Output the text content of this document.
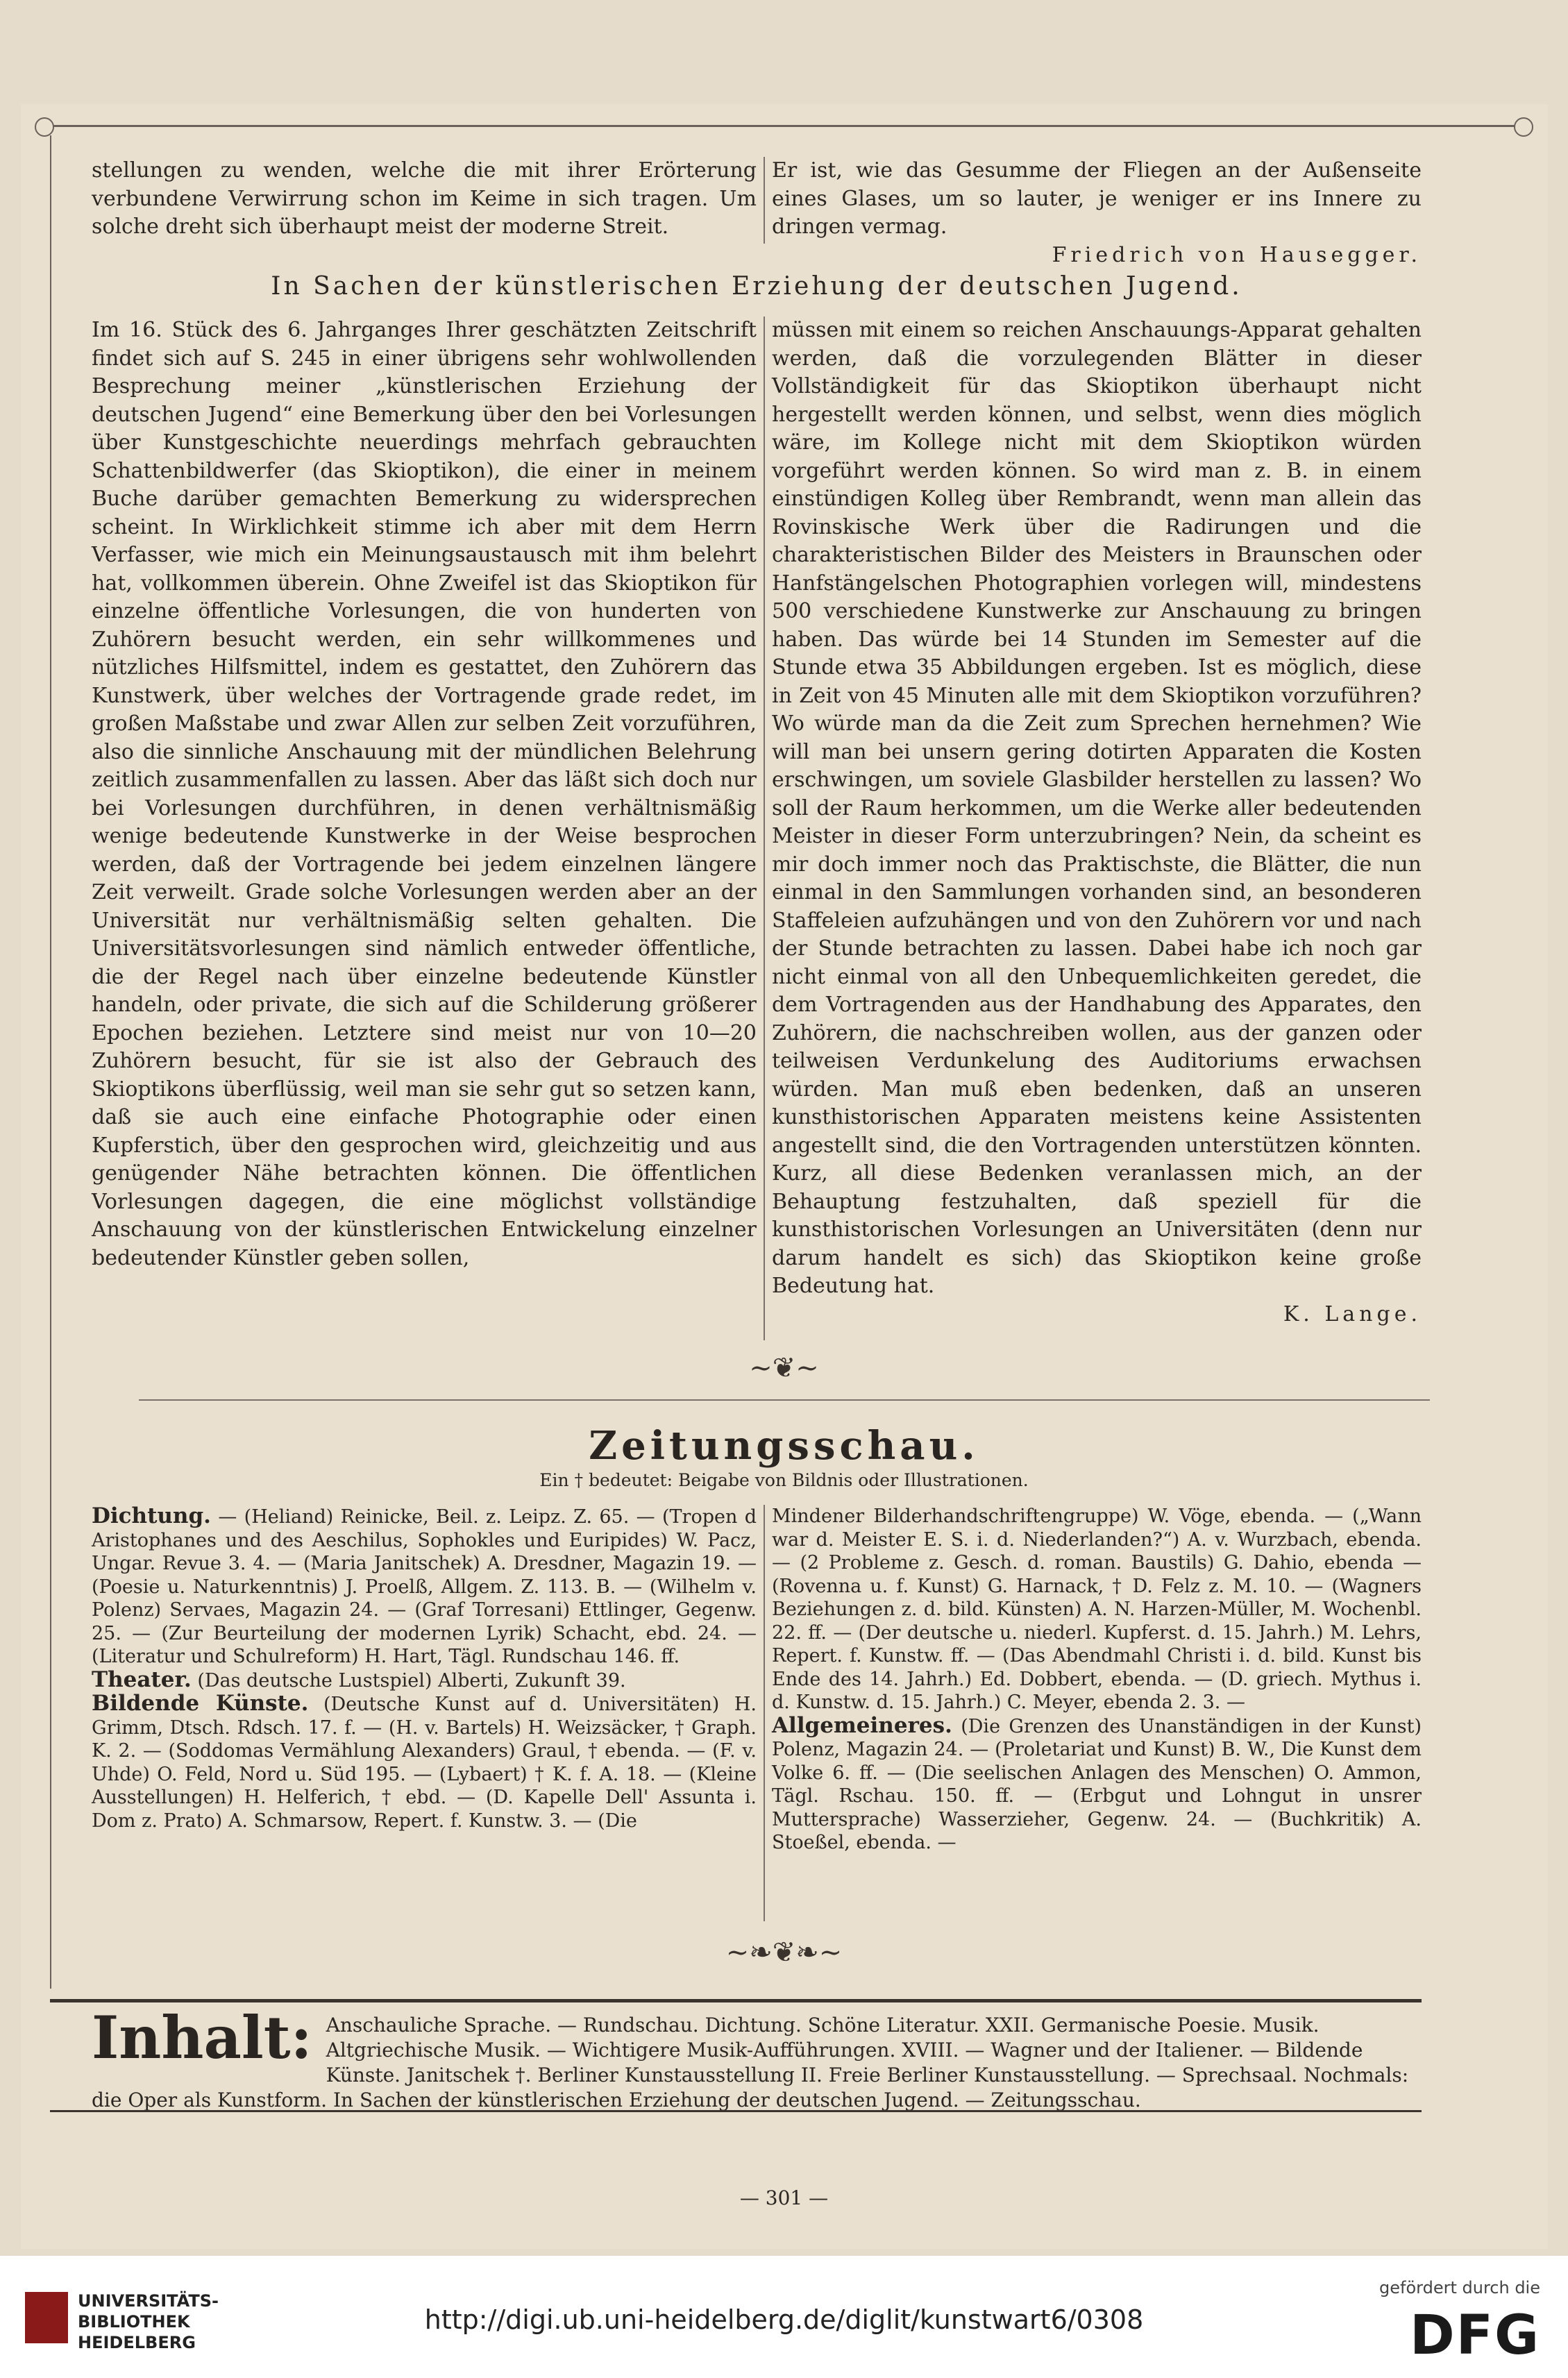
stellungen zu wenden, welche die mit ihrer Erörterung verbundene Verwirrung schon im Keime in sich tragen. Um solche dreht sich überhaupt meist der moderne Streit.

Er ist, wie das Gesumme der Fliegen an der Außenseite eines Glases, um so lauter, je weniger er ins Innere zu dringen vermag.

Friedrich von Hausegger.

In Sachen der künstlerischen Erziehung der deutschen Jugend.

Im 16. Stück des 6. Jahrganges Ihrer geschätzten Zeitschrift findet sich auf S. 245 in einer übrigens sehr wohlwollenden Besprechung meiner „künstlerischen Erziehung der deutschen Jugend“ eine Bemerkung über den bei Vorlesungen über Kunstgeschichte neuerdings mehrfach gebrauchten Schattenbildwerfer (das Skioptikon), die einer in meinem Buche darüber gemachten Bemerkung zu widersprechen scheint. In Wirklichkeit stimme ich aber mit dem Herrn Verfasser, wie mich ein Meinungsaustausch mit ihm belehrt hat, vollkommen überein. Ohne Zweifel ist das Skioptikon für einzelne öffentliche Vorlesungen, die von hunderten von Zuhörern besucht werden, ein sehr willkommenes und nützliches Hilfsmittel, indem es gestattet, den Zuhörern das Kunstwerk, über welches der Vortragende grade redet, im großen Maßstabe und zwar Allen zur selben Zeit vorzuführen, also die sinnliche Anschauung mit der mündlichen Belehrung zeitlich zusammenfallen zu lassen. Aber das läßt sich doch nur bei Vorlesungen durchführen, in denen verhältnismäßig wenige bedeutende Kunstwerke in der Weise besprochen werden, daß der Vortragende bei jedem einzelnen längere Zeit verweilt. Grade solche Vorlesungen werden aber an der Universität nur verhältnismäßig selten gehalten. Die Universitätsvorlesungen sind nämlich entweder öffentliche, die der Regel nach über einzelne bedeutende Künstler handeln, oder private, die sich auf die Schilderung größerer Epochen beziehen. Letztere sind meist nur von 10—20 Zuhörern besucht, für sie ist also der Gebrauch des Skioptikons überflüssig, weil man sie sehr gut so setzen kann, daß sie auch eine einfache Photographie oder einen Kupferstich, über den gesprochen wird, gleichzeitig und aus genügender Nähe betrachten können. Die öffentlichen Vorlesungen dagegen, die eine möglichst vollständige Anschauung von der künstlerischen Entwickelung einzelner bedeutender Künstler geben sollen,

müssen mit einem so reichen Anschauungs-Apparat gehalten werden, daß die vorzulegenden Blätter in dieser Vollständigkeit für das Skioptikon überhaupt nicht hergestellt werden können, und selbst, wenn dies möglich wäre, im Kollege nicht mit dem Skioptikon würden vorgeführt werden können. So wird man z. B. in einem einstündigen Kolleg über Rembrandt, wenn man allein das Rovinskische Werk über die Radirungen und die charakteristischen Bilder des Meisters in Braunschen oder Hanfstängelschen Photographien vorlegen will, mindestens 500 verschiedene Kunstwerke zur Anschauung zu bringen haben. Das würde bei 14 Stunden im Semester auf die Stunde etwa 35 Abbildungen ergeben. Ist es möglich, diese in Zeit von 45 Minuten alle mit dem Skioptikon vorzuführen? Wo würde man da die Zeit zum Sprechen hernehmen? Wie will man bei unsern gering dotirten Apparaten die Kosten erschwingen, um soviele Glasbilder herstellen zu lassen? Wo soll der Raum herkommen, um die Werke aller bedeutenden Meister in dieser Form unterzubringen? Nein, da scheint es mir doch immer noch das Praktischste, die Blätter, die nun einmal in den Sammlungen vorhanden sind, an besonderen Staffeleien aufzuhängen und von den Zuhörern vor und nach der Stunde betrachten zu lassen. Dabei habe ich noch gar nicht einmal von all den Unbequemlichkeiten geredet, die dem Vortragenden aus der Handhabung des Apparates, den Zuhörern, die nachschreiben wollen, aus der ganzen oder teilweisen Verdunkelung des Auditoriums erwachsen würden. Man muß eben bedenken, daß an unseren kunsthistorischen Apparaten meistens keine Assistenten angestellt sind, die den Vortragenden unterstützen könnten. Kurz, all diese Bedenken veranlassen mich, an der Behauptung festzuhalten, daß speziell für die kunsthistorischen Vorlesungen an Universitäten (denn nur darum handelt es sich) das Skioptikon keine große Bedeutung hat.

K. Lange.

~❦~
Zeitungsschau.
Ein † bedeutet: Beigabe von Bildnis oder Illustrationen.

Dichtung. — (Heliand) Reinicke, Beil. z. Leipz. Z. 65. — (Tropen d Aristophanes und des Aeschilus, Sophokles und Euripides) W. Pacz, Ungar. Revue 3. 4. — (Maria Janitschek) A. Dresdner, Magazin 19. — (Poesie u. Naturkenntnis) J. Proelß, Allgem. Z. 113. B. — (Wilhelm v. Polenz) Servaes, Magazin 24. — (Graf Torresani) Ettlinger, Gegenw. 25. — (Zur Beurteilung der modernen Lyrik) Schacht, ebd. 24. — (Literatur und Schulreform) H. Hart, Tägl. Rundschau 146. ff.

Theater. (Das deutsche Lustspiel) Alberti, Zukunft 39.

Bildende Künste. (Deutsche Kunst auf d. Universitäten) H. Grimm, Dtsch. Rdsch. 17. f. — (H. v. Bartels) H. Weizsäcker, † Graph. K. 2. — (Soddomas Vermählung Alexanders) Graul, † ebenda. — (F. v. Uhde) O. Feld, Nord u. Süd 195. — (Lybaert) † K. f. A. 18. — (Kleine Ausstellungen) H. Helferich, † ebd. — (D. Kapelle Dell' Assunta i. Dom z. Prato) A. Schmarsow, Repert. f. Kunstw. 3. — (Die

Mindener Bilderhandschriftengruppe) W. Vöge, ebenda. — („Wann war d. Meister E. S. i. d. Niederlanden?“) A. v. Wurzbach, ebenda. — (2 Probleme z. Gesch. d. roman. Baustils) G. Dahio, ebenda — (Rovenna u. f. Kunst) G. Harnack, † D. Felz z. M. 10. — (Wagners Beziehungen z. d. bild. Künsten) A. N. Harzen-Müller, M. Wochenbl. 22. ff. — (Der deutsche u. niederl. Kupferst. d. 15. Jahrh.) M. Lehrs, Repert. f. Kunstw. ff. — (Das Abendmahl Christi i. d. bild. Kunst bis Ende des 14. Jahrh.) Ed. Dobbert, ebenda. — (D. griech. Mythus i. d. Kunstw. d. 15. Jahrh.) C. Meyer, ebenda 2. 3. —

Allgemeineres. (Die Grenzen des Unanständigen in der Kunst) Polenz, Magazin 24. — (Proletariat und Kunst) B. W., Die Kunst dem Volke 6. ff. — (Die seelischen Anlagen des Menschen) O. Ammon, Tägl. Rschau. 150. ff. — (Erbgut und Lohngut in unsrer Muttersprache) Wasserzieher, Gegenw. 24. — (Buchkritik) A. Stoeßel, ebenda. —

~❧❦❧~
Inhalt: Anschauliche Sprache. — Rundschau. Dichtung. Schöne Literatur. XXII. Germanische Poesie. Musik. Altgriechische Musik. — Wichtigere Musik-Aufführungen. XVIII. — Wagner und der Italiener. — Bildende Künste. Janitschek †. Berliner Kunstausstellung II. Freie Berliner Kunstausstellung. — Sprechsaal. Nochmals: die Oper als Kunstform. In Sachen der künstlerischen Erziehung der deutschen Jugend. — Zeitungsschau.
— 301 —
UNIVERSITÄTS-
BIBLIOTHEK
HEIDELBERG
http://digi.ub.uni-heidelberg.de/diglit/kunstwart6/0308
gefördert durch die
DFG
